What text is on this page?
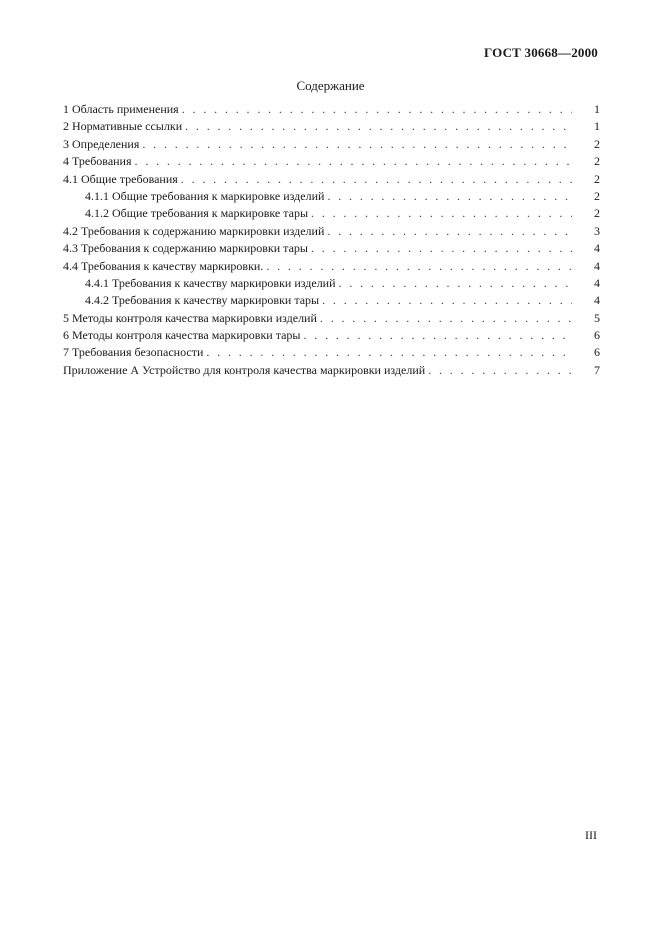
ГОСТ 30668—2000
Содержание
1 Область применения . . .	1
2 Нормативные ссылки . . .	1
3 Определения . . .	2
4 Требования . . .	2
4.1 Общие требования . . .	2
4.1.1 Общие требования к маркировке изделий . . .	2
4.1.2 Общие требования к маркировке тары . . .	2
4.2 Требования к содержанию маркировки изделий . . .	3
4.3 Требования к содержанию маркировки тары . . .	4
4.4 Требования к качеству маркировки. . . .	4
4.4.1 Требования к качеству маркировки изделий . . .	4
4.4.2 Требования к качеству маркировки тары . . .	4
5 Методы контроля качества маркировки изделий . . .	5
6 Методы контроля качества маркировки тары . . .	6
7 Требования безопасности . . .	6
Приложение А Устройство для контроля качества маркировки изделий . . .	7
III
